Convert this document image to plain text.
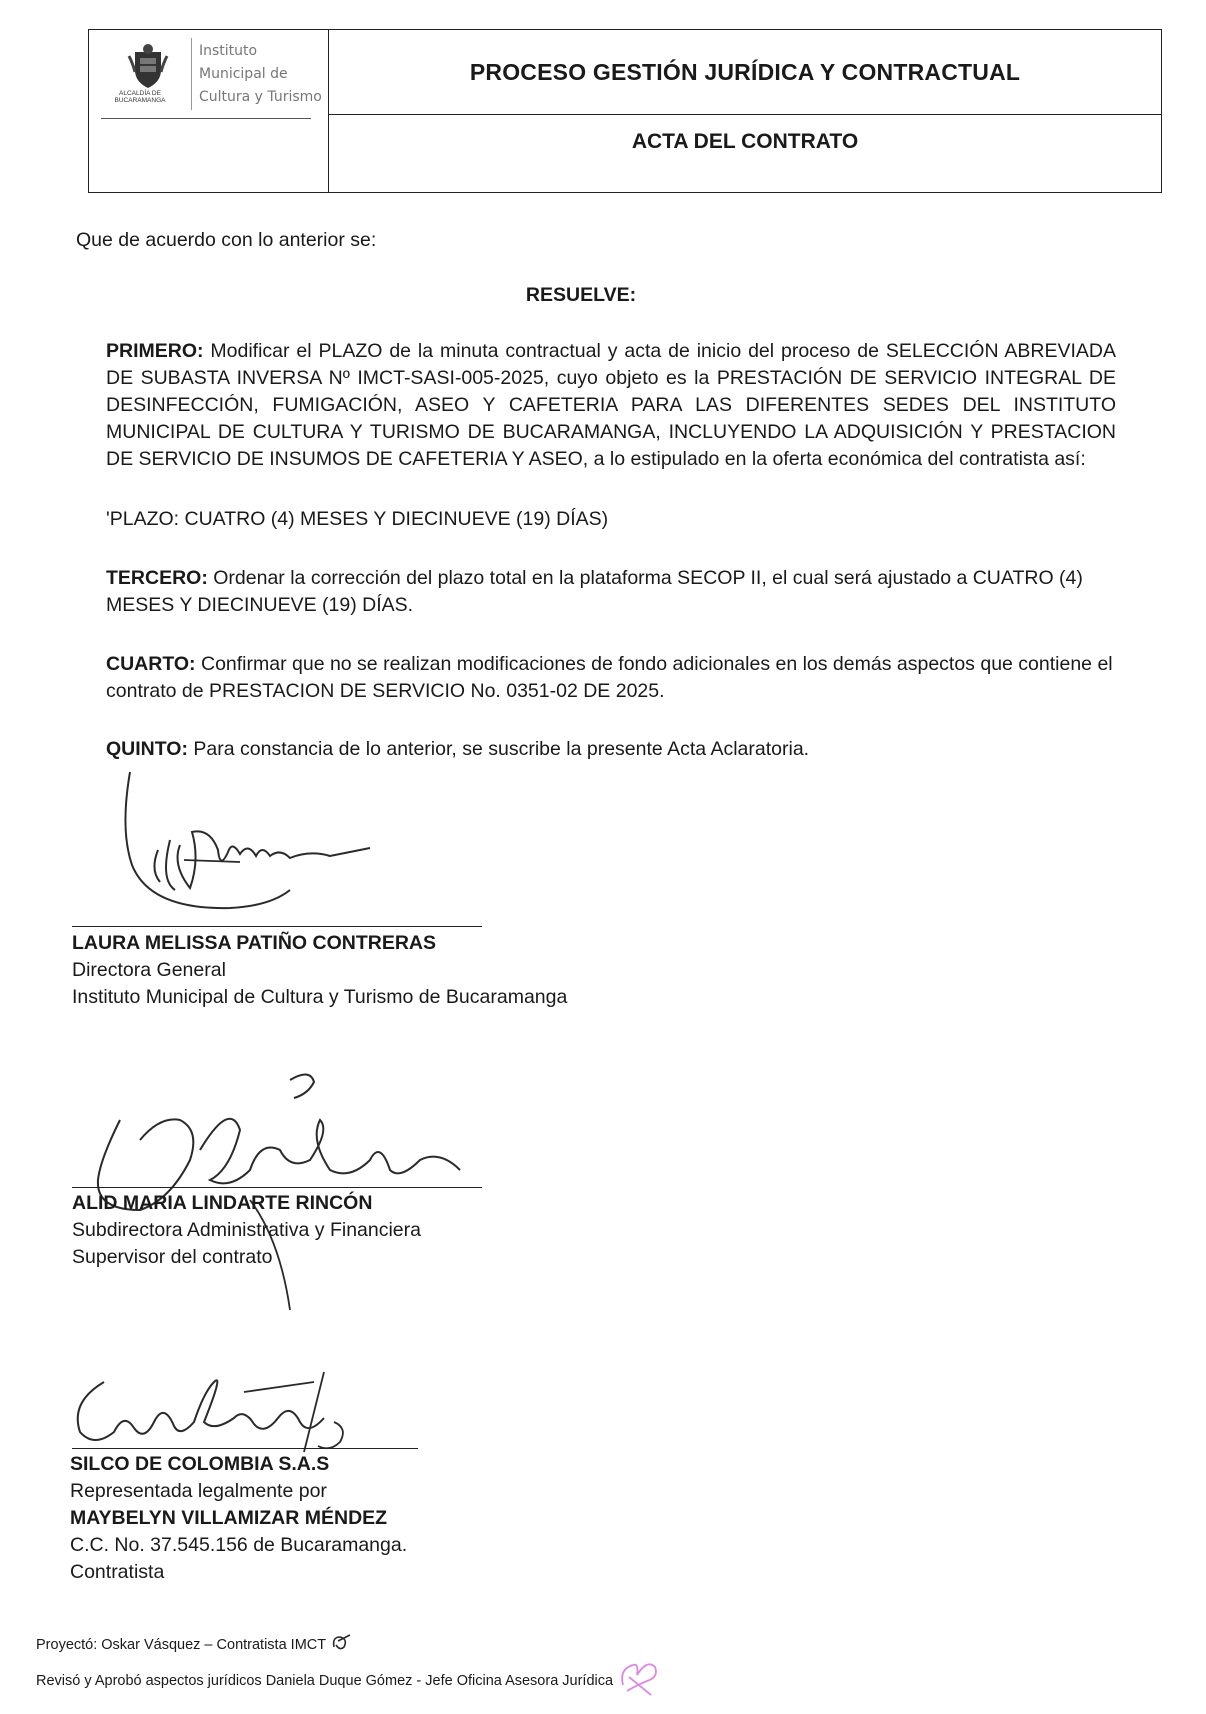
ALCALDÍA DE BUCARAMANGA
Instituto
Municipal de
Cultura y Turismo
PROCESO GESTIÓN JURÍDICA Y CONTRACTUAL
ACTA DEL CONTRATO
Que de acuerdo con lo anterior se:
RESUELVE:
PRIMERO: Modificar el PLAZO de la minuta contractual y acta de inicio del proceso de SELECCIÓN ABREVIADA DE SUBASTA INVERSA Nº IMCT-SASI-005-2025, cuyo objeto es la PRESTACIÓN DE SERVICIO INTEGRAL DE DESINFECCIÓN, FUMIGACIÓN, ASEO Y CAFETERIA PARA LAS DIFERENTES SEDES DEL INSTITUTO MUNICIPAL DE CULTURA Y TURISMO DE BUCARAMANGA, INCLUYENDO LA ADQUISICIÓN Y PRESTACION DE SERVICIO DE INSUMOS DE CAFETERIA Y ASEO, a lo estipulado en la oferta económica del contratista así:
'PLAZO: CUATRO (4) MESES Y DIECINUEVE (19) DÍAS)
TERCERO: Ordenar la corrección del plazo total en la plataforma SECOP II, el cual será ajustado a CUATRO (4) MESES Y DIECINUEVE (19) DÍAS.
CUARTO: Confirmar que no se realizan modificaciones de fondo adicionales en los demás aspectos que contiene el contrato de PRESTACION DE SERVICIO No. 0351-02 DE 2025.
QUINTO: Para constancia de lo anterior, se suscribe la presente Acta Aclaratoria.
LAURA MELISSA PATIÑO CONTRERAS
Directora General
Instituto Municipal de Cultura y Turismo de Bucaramanga
ALID MARIA LINDARTE RINCÓN
Subdirectora Administrativa y Financiera
Supervisor del contrato
SILCO DE COLOMBIA S.A.S
Representada legalmente por
MAYBELYN VILLAMIZAR MÉNDEZ
C.C. No. 37.545.156 de Bucaramanga.
Contratista
Proyectó: Oskar Vásquez – Contratista IMCT
Revisó y Aprobó aspectos jurídicos Daniela Duque Gómez - Jefe Oficina Asesora Jurídica
